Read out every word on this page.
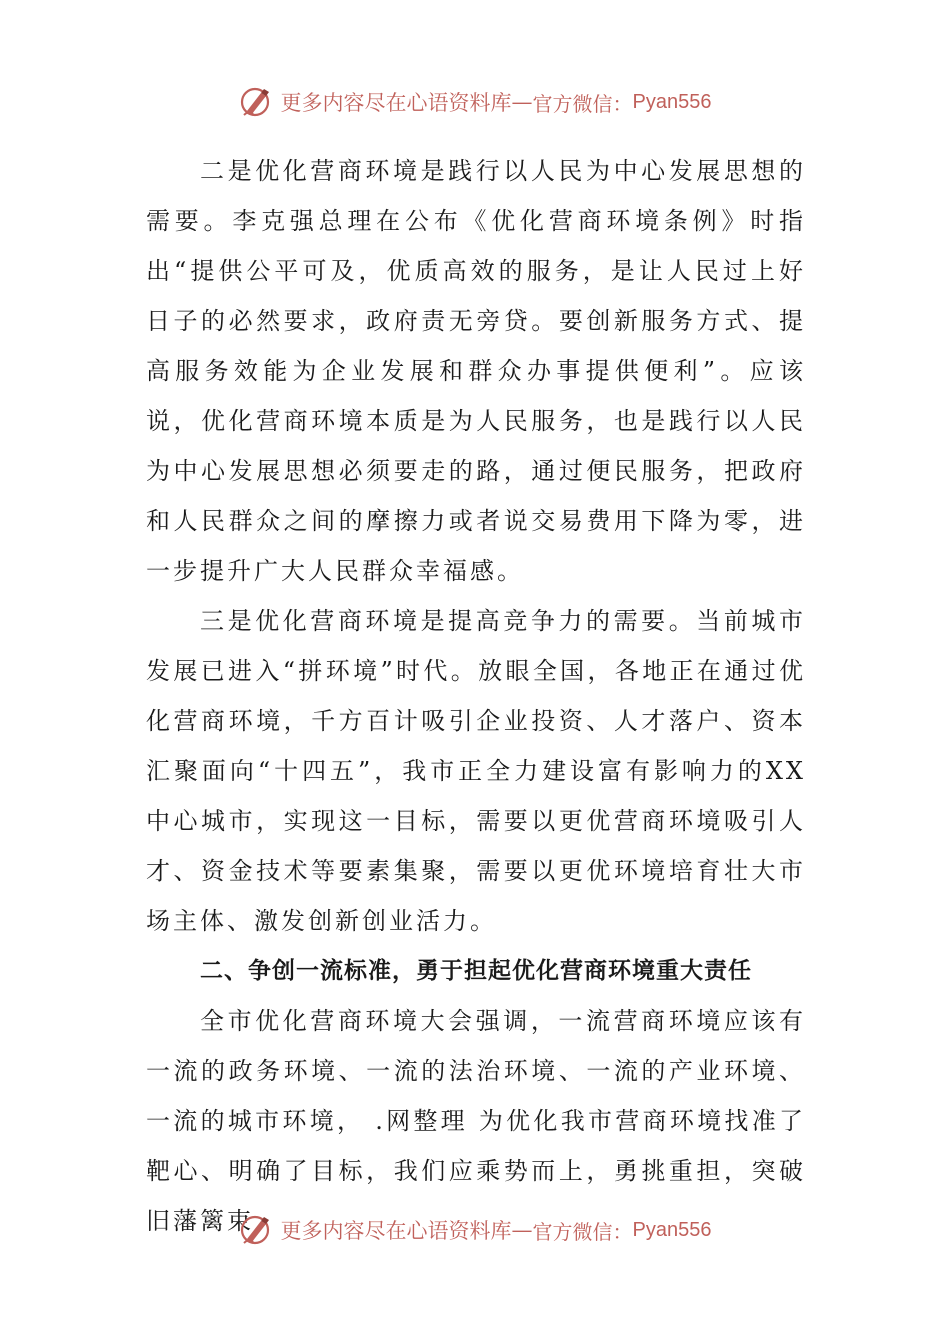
更多内容尽在心语资料库 — 官方微信： Pyan556

二是优化营商环境是践行以人民为中心发展思想的需要。李克强总理在公布《优化营商环境条例》时指出“提供公平可及，优质高效的服务，是让人民过上好日子的必然要求，政府责无旁贷。要创新服务方式、提高服务效能为企业发展和群众办事提供便利”。应该说，优化营商环境本质是为人民服务，也是践行以人民为中心发展思想必须要走的路，通过便民服务，把政府和人民群众之间的摩擦力或者说交易费用下降为零，进一步提升广大人民群众幸福感。

三是优化营商环境是提高竞争力的需要。当前城市发展已进入“拼环境”时代。放眼全国，各地正在通过优化营商环境，千方百计吸引企业投资、人才落户、资本汇聚面向“十四五”，我市正全力建设富有影响力的XX中心城市，实现这一目标，需要以更优营商环境吸引人才、资金技术等要素集聚，需要以更优环境培育壮大市场主体、激发创新创业活力。

二、争创一流标准，勇于担起优化营商环境重大责任

全市优化营商环境大会强调，一流营商环境应该有一流的政务环境、一流的法治环境、一流的产业环境、一流的城市环境， .网整理 为优化我市营商环境找准了靶心、明确了目标，我们应乘势而上，勇挑重担，突破旧藩篱束	更多内容尽在心语资料库 — 官方微信： Pyan556
